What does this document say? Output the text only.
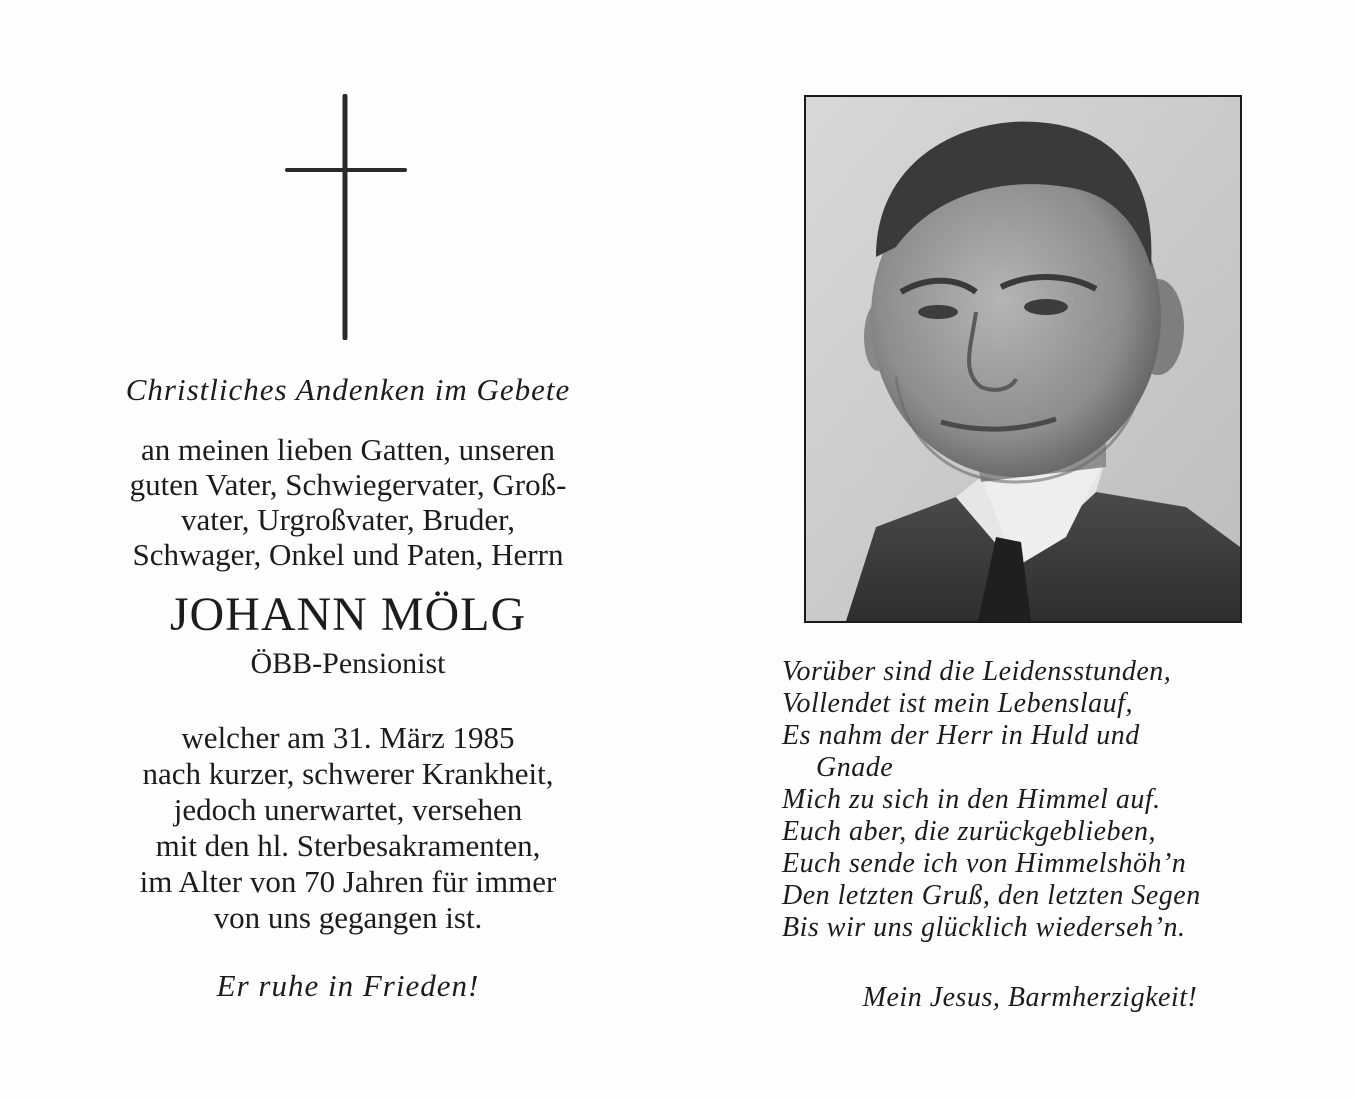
Christliches Andenken im Gebete

an meinen lieben Gatten, unseren
guten Vater, Schwiegervater, Groß-
vater, Urgroßvater, Bruder,
Schwager, Onkel und Paten, Herrn

JOHANN MÖLG

ÖBB-Pensionist

welcher am 31. März 1985
nach kurzer, schwerer Krankheit,
jedoch unerwartet, versehen
mit den hl. Sterbesakramenten,
im Alter von 70 Jahren für immer
von uns gegangen ist.

Er ruhe in Frieden!

Vorüber sind die Leidensstunden,
Vollendet ist mein Lebenslauf,
Es nahm der Herr in Huld und
Gnade
Mich zu sich in den Himmel auf.
Euch aber, die zurückgeblieben,
Euch sende ich von Himmelshöh’n
Den letzten Gruß, den letzten Segen
Bis wir uns glücklich wiederseh’n.
Mein Jesus, Barmherzigkeit!
